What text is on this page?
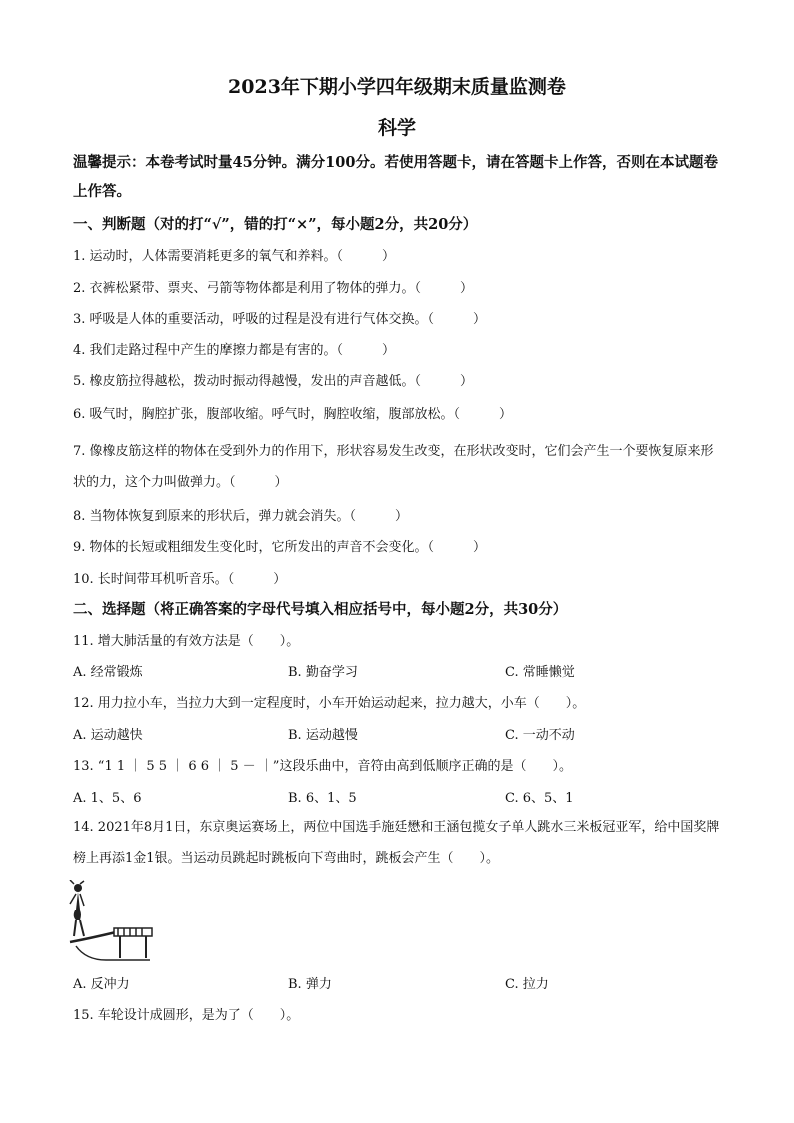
2023年下期小学四年级期末质量监测卷
科学
温馨提示：本卷考试时量45分钟。满分100分。若使用答题卡，请在答题卡上作答，否则在本试题卷上作答。
一、判断题（对的打“√”，错的打“×”，每小题2分，共20分）
1. 运动时，人体需要消耗更多的氧气和养料。（　　　）
2. 衣裤松紧带、票夹、弓箭等物体都是利用了物体的弹力。（　　　）
3. 呼吸是人体的重要活动，呼吸的过程是没有进行气体交换。（　　　）
4. 我们走路过程中产生的摩擦力都是有害的。（　　　）
5. 橡皮筋拉得越松，拨动时振动得越慢，发出的声音越低。（　　　）
6. 吸气时，胸腔扩张，腹部收缩。呼气时，胸腔收缩，腹部放松。（　　　）
7. 像橡皮筋这样的物体在受到外力的作用下，形状容易发生改变，在形状改变时，它们会产生一个要恢复原来形状的力，这个力叫做弹力。（　　　）
8. 当物体恢复到原来的形状后，弹力就会消失。（　　　）
9. 物体的长短或粗细发生变化时，它所发出的声音不会变化。（　　　）
10. 长时间带耳机听音乐。（　　　）
二、选择题（将正确答案的字母代号填入相应括号中，每小题2分，共30分）
11. 增大肺活量的有效方法是（　　）。
A. 经常锻炼	B. 勤奋学习	C. 常睡懒觉
12. 用力拉小车，当拉力大到一定程度时，小车开始运动起来，拉力越大，小车（　　）。
A. 运动越快	B. 运动越慢	C. 一动不动
13. “1 1 ｜ 5 5 ｜ 6 6 ｜ 5 － ｜”这段乐曲中，音符由高到低顺序正确的是（　　）。
A. 1、5、6	B. 6、1、5	C. 6、5、1
14. 2021年8月1日，东京奥运赛场上，两位中国选手施廷懋和王涵包揽女子单人跳水三米板冠亚军，给中国奖牌榜上再添1金1银。当运动员跳起时跳板向下弯曲时，跳板会产生（　　）。
A. 反冲力	B. 弹力	C. 拉力
15. 车轮设计成圆形，是为了（　　）。
